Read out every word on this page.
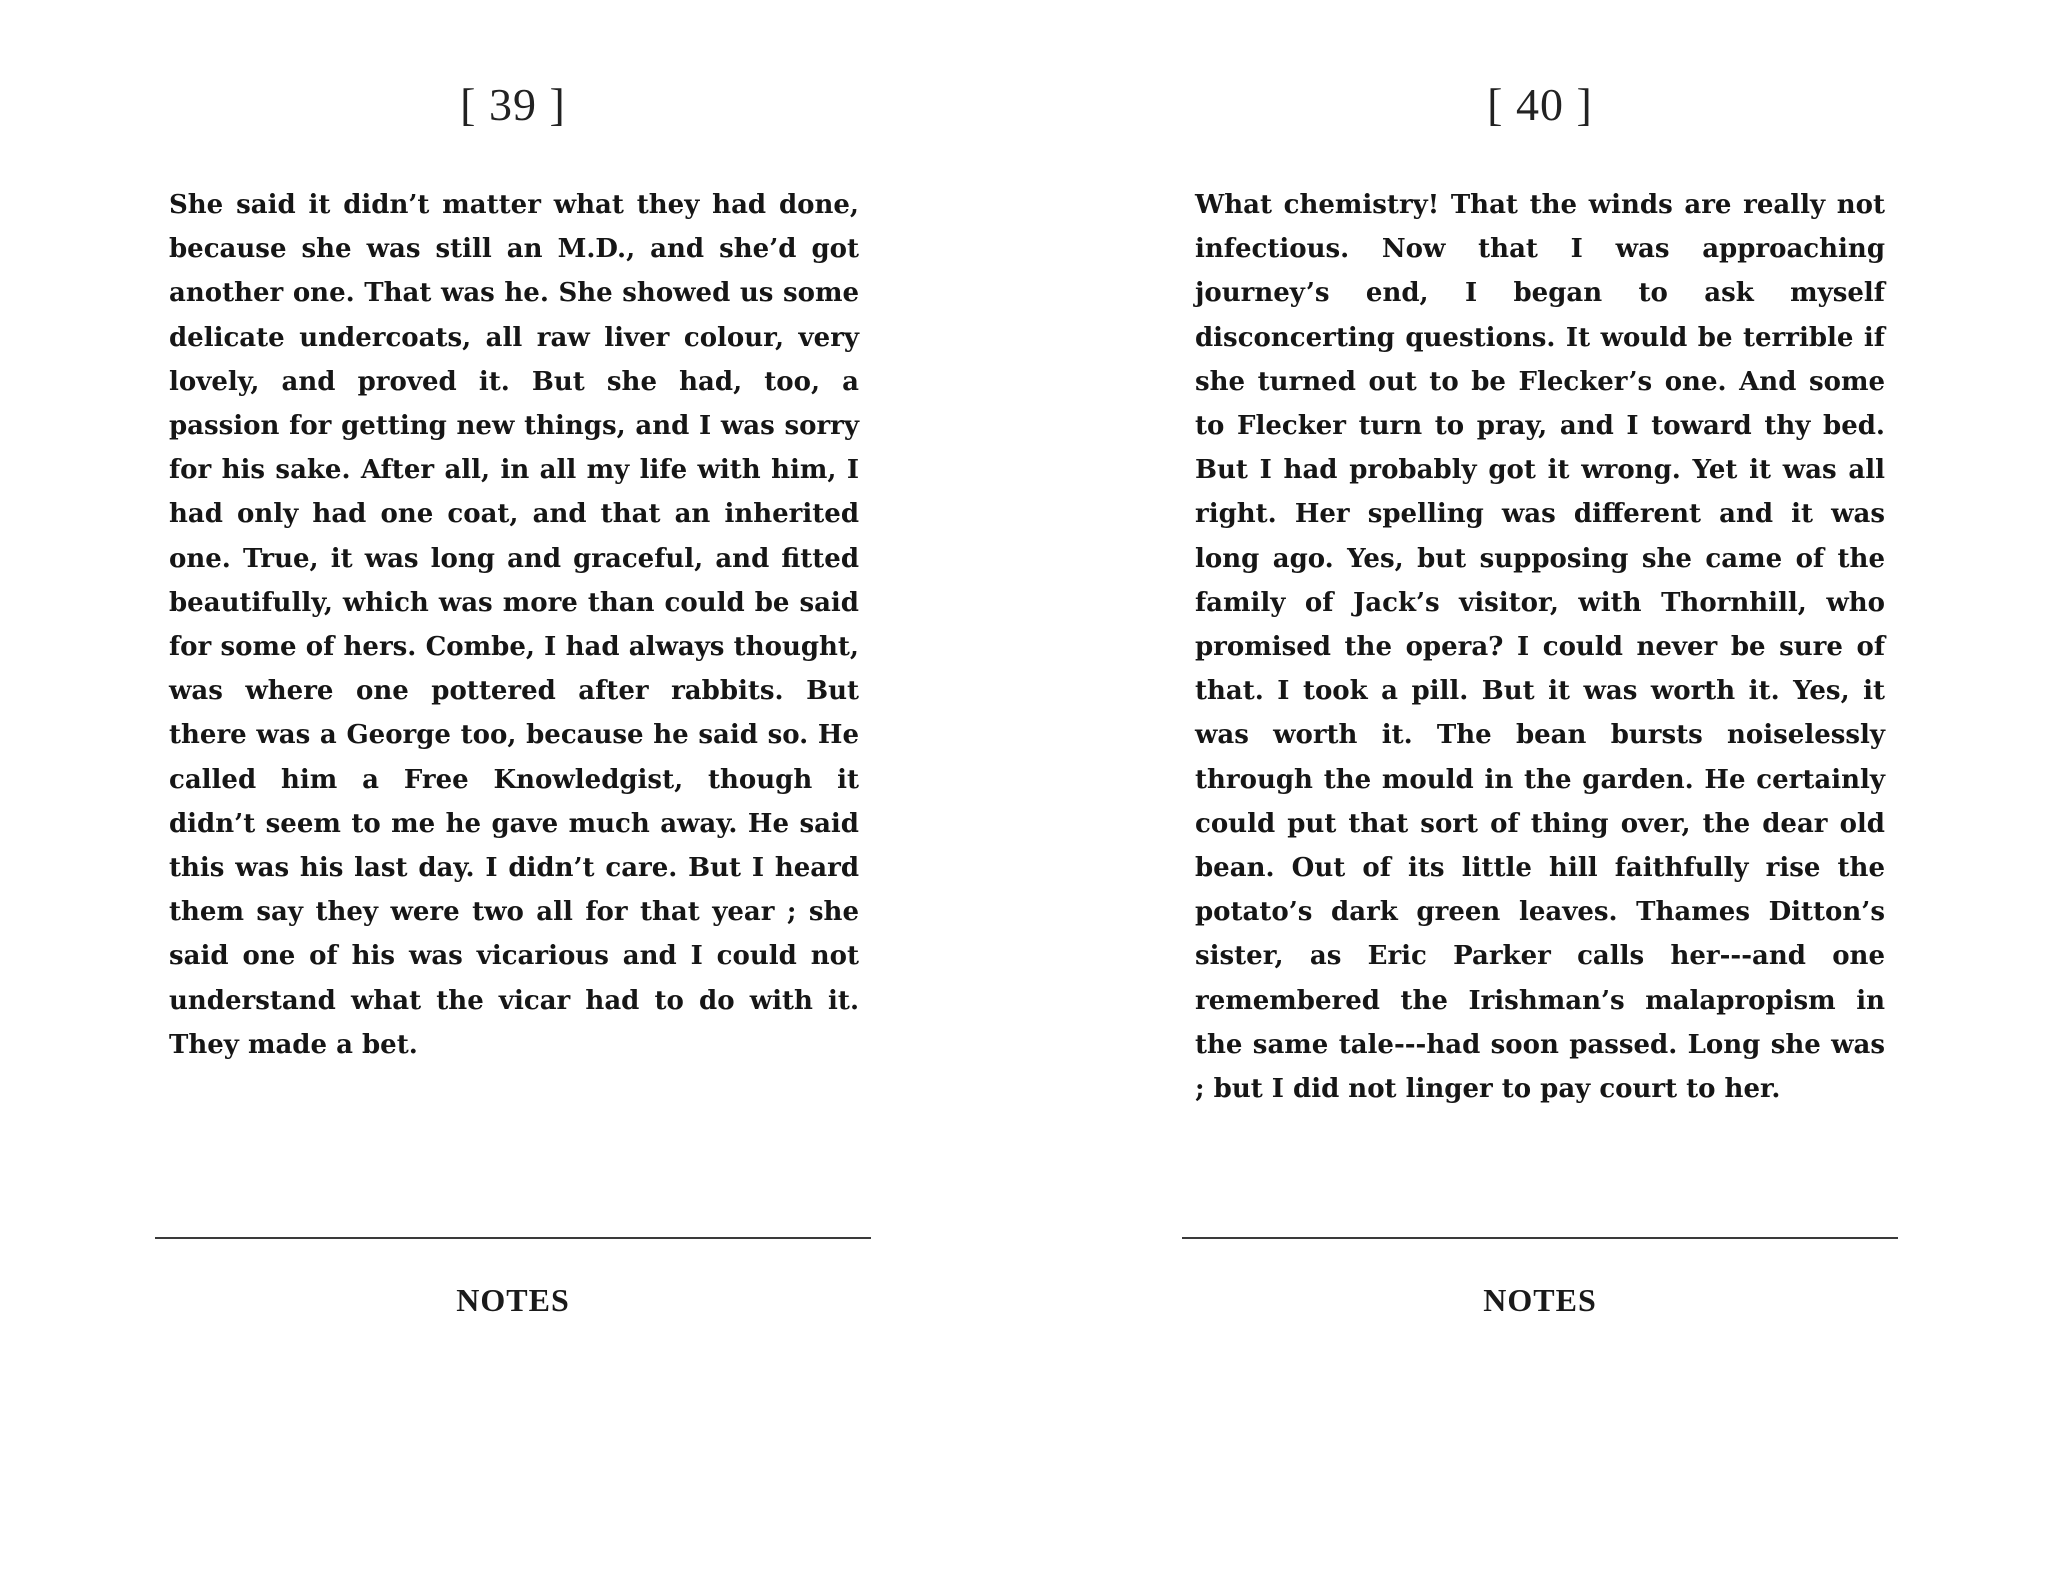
[ 39 ]

She said it didn’t matter what they had done, because she was still an M.D., and she’d got another one. That was he. She showed us some delicate undercoats, all raw liver colour, very lovely, and proved it. But she had, too, a passion for getting new things, and I was sorry for his sake. After all, in all my life with him, I had only had one coat, and that an inherited one. True, it was long and graceful, and fitted beautifully, which was more than could be said for some of hers. Combe, I had always thought, was where one pottered after rabbits. But there was a George too, because he said so. He called him a Free Knowledgist, though it didn’t seem to me he gave much away. He said this was his last day. I didn’t care. But I heard them say they were two all for that year ; she said one of his was vicarious and I could not understand what the vicar had to do with it. They made a bet.

NOTES
[ 40 ]

What chemistry! That the winds are really not infectious. Now that I was approaching journey’s end, I began to ask myself disconcerting questions. It would be terrible if she turned out to be Flecker’s one. And some to Flecker turn to pray, and I toward thy bed. But I had probably got it wrong. Yet it was all right. Her spelling was different and it was long ago. Yes, but supposing she came of the family of Jack’s visitor, with Thornhill, who promised the opera? I could never be sure of that. I took a pill. But it was worth it. Yes, it was worth it. The bean bursts noiselessly through the mould in the garden. He certainly could put that sort of thing over, the dear old bean. Out of its little hill faithfully rise the potato’s dark green leaves. Thames Ditton’s sister, as Eric Parker calls her---and one remembered the Irishman’s malapropism in the same tale---had soon passed. Long she was ; but I did not linger to pay court to her.

NOTES
